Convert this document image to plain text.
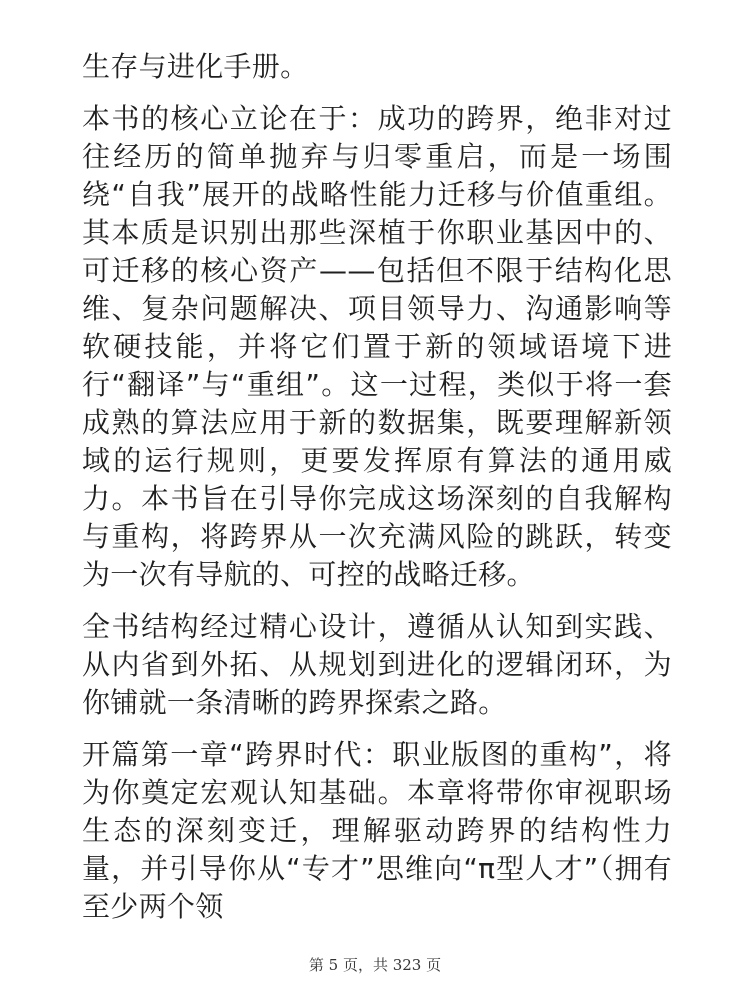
生存与进化手册。

本书的核心立论在于：成功的跨界，绝非对过往经历的简单抛弃与归零重启，而是一场围绕“自我”展开的战略性能力迁移与价值重组。其本质是识别出那些深植于你职业基因中的、可迁移的核心资产——包括但不限于结构化思维、复杂问题解决、项目领导力、沟通影响等软硬技能，并将它们置于新的领域语境下进行“翻译”与“重组”。这一过程，类似于将一套成熟的算法应用于新的数据集，既要理解新领域的运行规则，更要发挥原有算法的通用威力。本书旨在引导你完成这场深刻的自我解构与重构，将跨界从一次充满风险的跳跃，转变为一次有导航的、可控的战略迁移。

全书结构经过精心设计，遵循从认知到实践、从内省到外拓、从规划到进化的逻辑闭环，为你铺就一条清晰的跨界探索之路。

开篇第一章“跨界时代：职业版图的重构”，将为你奠定宏观认知基础。本章将带你审视职场生态的深刻变迁，理解驱动跨界的结构性力量，并引导你从“专才”思维向“π型人才”（拥有至少两个领

第 5 页，共 323 页
